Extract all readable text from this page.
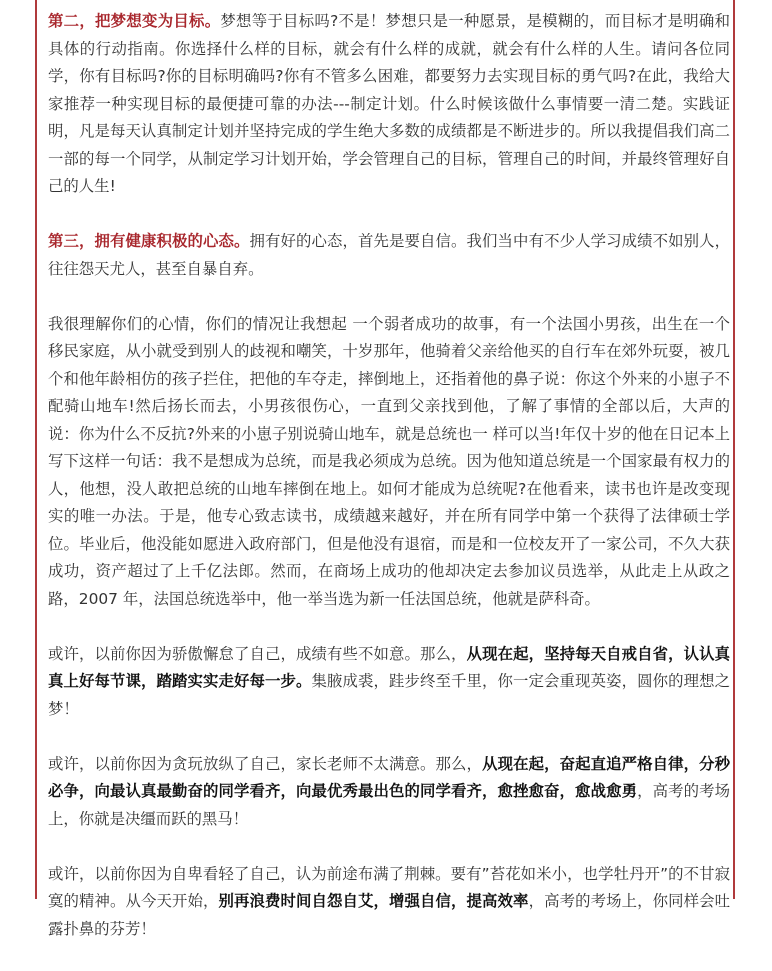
第二，把梦想变为目标。梦想等于目标吗?不是！梦想只是一种愿景，是模糊的，而目标才是明确和具体的行动指南。你选择什么样的目标，就会有什么样的成就，就会有什么样的人生。请问各位同学，你有目标吗?你的目标明确吗?你有不管多么困难，都要努力去实现目标的勇气吗?在此，我给大家推荐一种实现目标的最便捷可靠的办法---制定计划。什么时候该做什么事情要一清二楚。实践证明，凡是每天认真制定计划并坚持完成的学生绝大多数的成绩都是不断进步的。所以我提倡我们高二一部的每一个同学，从制定学习计划开始，学会管理自己的目标，管理自己的时间，并最终管理好自己的人生!

第三，拥有健康积极的心态。拥有好的心态，首先是要自信。我们当中有不少人学习成绩不如别人，往往怨天尤人，甚至自暴自弃。

我很理解你们的心情，你们的情况让我想起 一个弱者成功的故事，有一个法国小男孩，出生在一个移民家庭，从小就受到别人的歧视和嘲笑，十岁那年，他骑着父亲给他买的自行车在郊外玩耍，被几个和他年龄相仿的孩子拦住，把他的车夺走，摔倒地上，还指着他的鼻子说：你这个外来的小崽子不配骑山地车!然后扬长而去，小男孩很伤心，一直到父亲找到他，了解了事情的全部以后，大声的说：你为什么不反抗?外来的小崽子别说骑山地车，就是总统也一 样可以当!年仅十岁的他在日记本上写下这样一句话：我不是想成为总统，而是我必须成为总统。因为他知道总统是一个国家最有权力的人，他想，没人敢把总统的山地车摔倒在地上。如何才能成为总统呢?在他看来，读书也许是改变现实的唯一办法。于是，他专心致志读书，成绩越来越好，并在所有同学中第一个获得了法律硕士学位。毕业后，他没能如愿进入政府部门，但是他没有退宿，而是和一位校友开了一家公司，不久大获成功，资产超过了上千亿法郎。然而，在商场上成功的他却决定去参加议员选举，从此走上从政之路，2007 年，法国总统选举中，他一举当选为新一任法国总统，他就是萨科奇。

或许，以前你因为骄傲懈怠了自己，成绩有些不如意。那么，从现在起，坚持每天自戒自省，认认真真上好每节课，踏踏实实走好每一步。集腋成裘，跬步终至千里，你一定会重现英姿，圆你的理想之梦！

或许，以前你因为贪玩放纵了自己，家长老师不太满意。那么，从现在起，奋起直追严格自律，分秒必争，向最认真最勤奋的同学看齐，向最优秀最出色的同学看齐，愈挫愈奋，愈战愈勇，高考的考场上，你就是决缰而跃的黑马！

或许，以前你因为自卑看轻了自己，认为前途布满了荆棘。要有”苔花如米小，也学牡丹开”的不甘寂寞的精神。从今天开始，别再浪费时间自怨自艾，增强自信，提高效率，高考的考场上，你同样会吐露扑鼻的芬芳！
